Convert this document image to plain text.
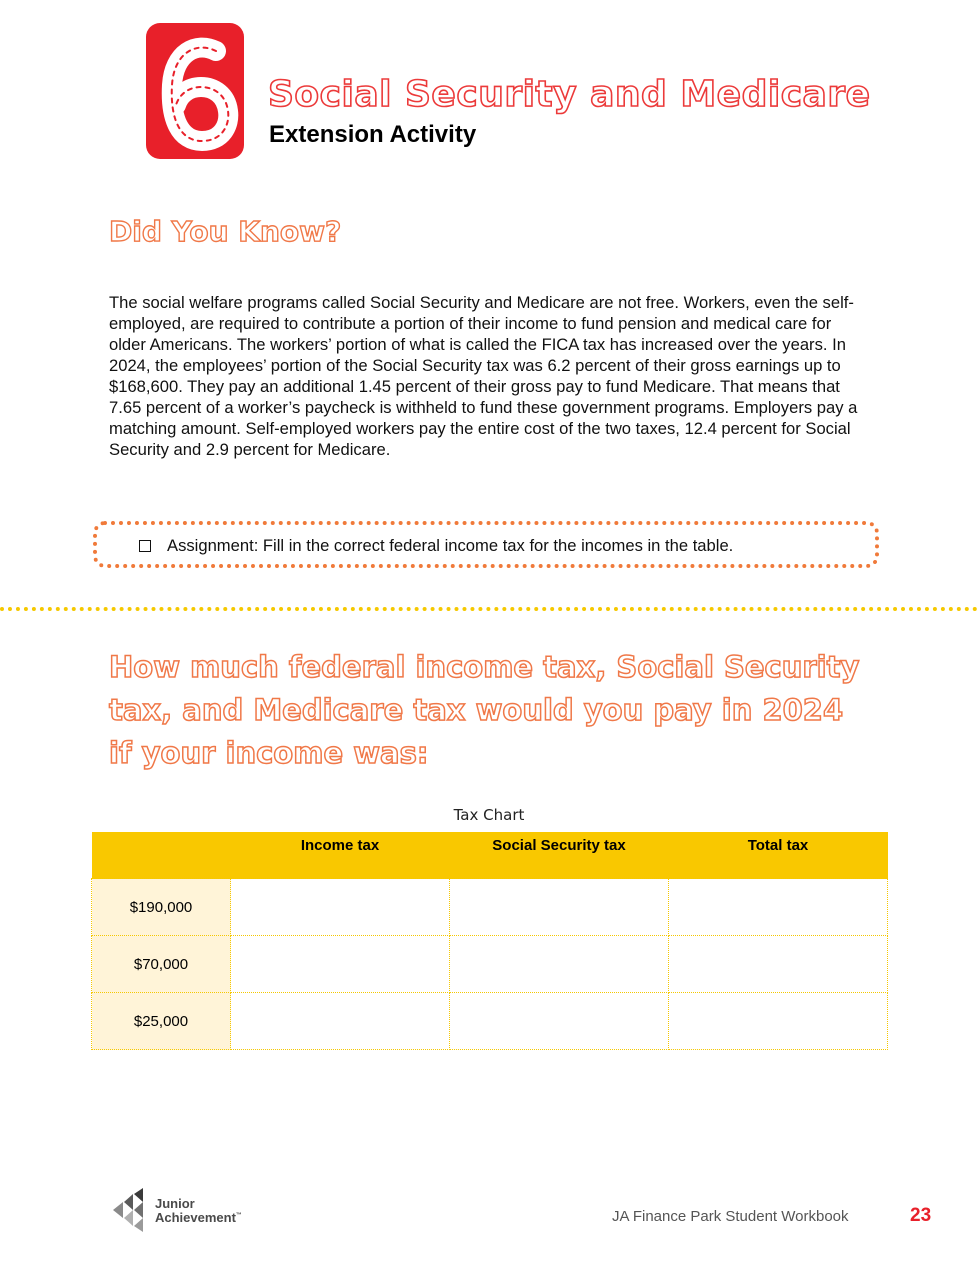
Social Security and Medicare
Extension Activity
Did You Know?

The social welfare programs called Social Security and Medicare are not free. Workers, even the self-employed, are required to contribute a portion of their income to fund pension and medical care for older Americans. The workers’ portion of what is called the FICA tax has increased over the years. In 2024, the employees’ portion of the Social Security tax was 6.2 percent of their gross earnings up to $168,600. They pay an additional 1.45 percent of their gross pay to fund Medicare. That means that 7.65 percent of a worker’s paycheck is withheld to fund these government programs. Employers pay a matching amount. Self-employed workers pay the entire cost of the two taxes, 12.4 percent for Social Security and 2.9 percent for Medicare.

Assignment: Fill in the correct federal income tax for the incomes in the table.
How much federal income tax, Social Security tax, and Medicare tax would you pay in 2024 if your income was:
Tax Chart
	Income tax	Social Security tax	Total tax
$190,000			
$70,000			
$25,000			
Junior
Achievement™	JA Finance Park Student Workbook	23
